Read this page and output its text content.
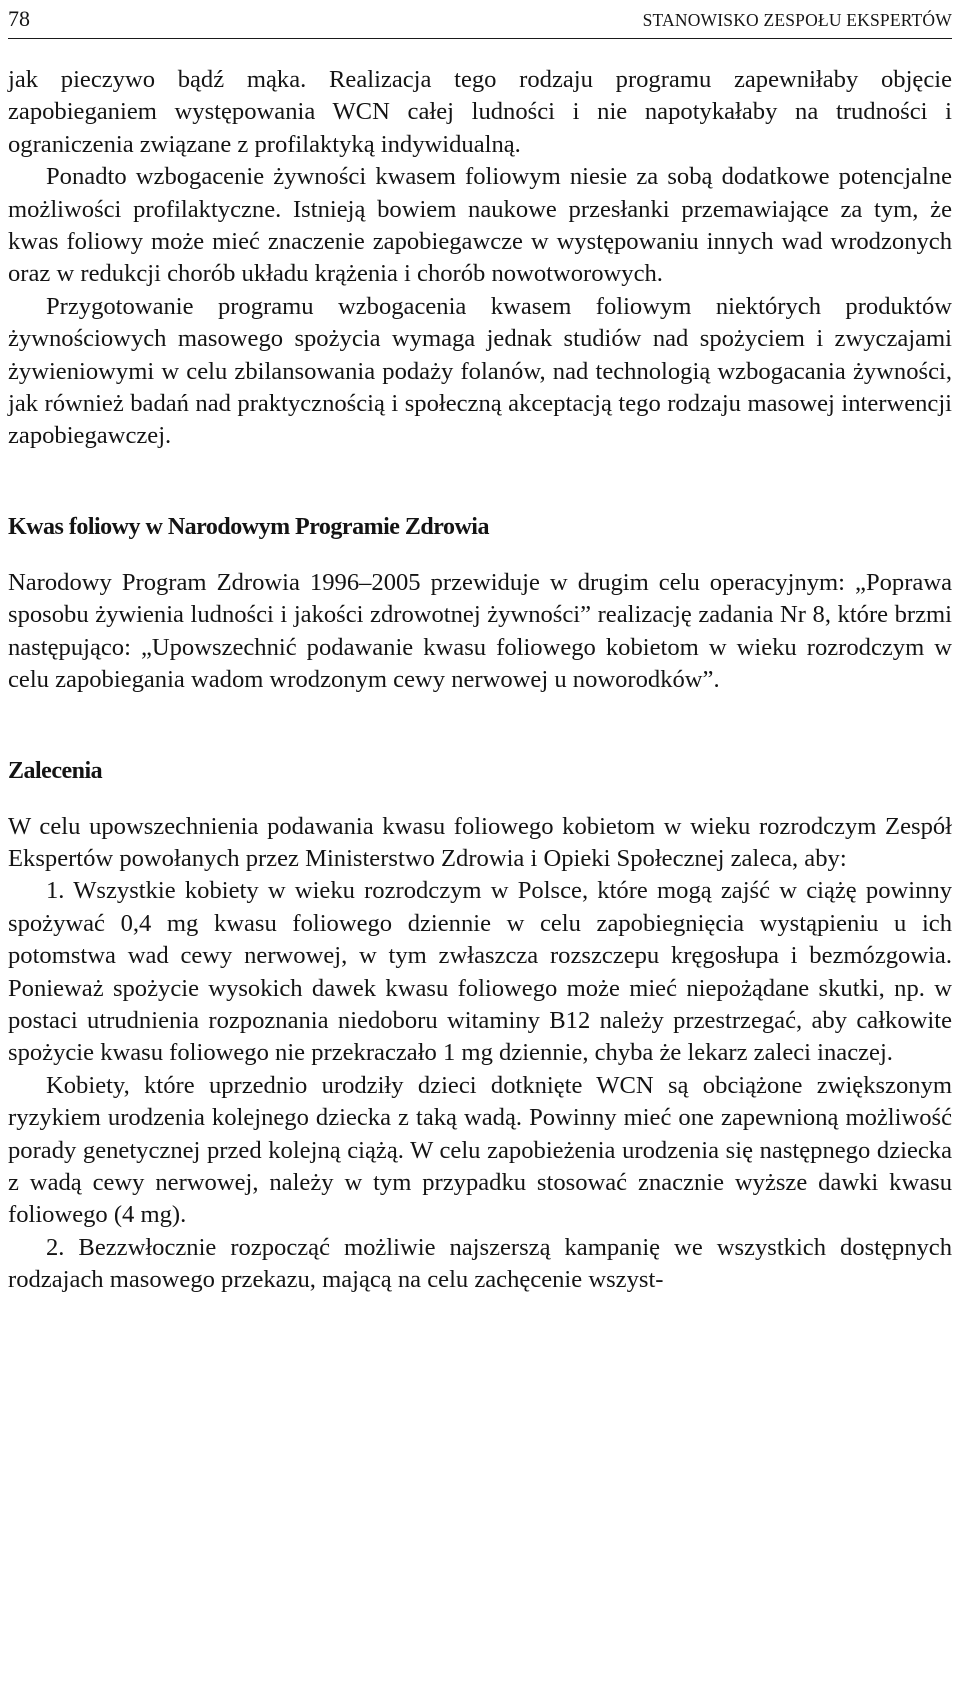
78	STANOWISKO ZESPOŁU EKSPERTÓW

jak pieczywo bądź mąka. Realizacja tego rodzaju programu zapewniłaby objęcie zapobieganiem występowania WCN całej ludności i nie napotykałaby na trudności i ograniczenia związane z profilaktyką indywidualną.

Ponadto wzbogacenie żywności kwasem foliowym niesie za sobą dodatkowe potencjalne możliwości profilaktyczne. Istnieją bowiem naukowe przesłanki przemawiające za tym, że kwas foliowy może mieć znaczenie zapobiegawcze w występowaniu innych wad wrodzonych oraz w redukcji chorób układu krążenia i chorób nowotworowych.

Przygotowanie programu wzbogacenia kwasem foliowym niektórych produktów żywnościowych masowego spożycia wymaga jednak studiów nad spożyciem i zwyczajami żywieniowymi w celu zbilansowania podaży folanów, nad technologią wzbogacania żywności, jak również badań nad praktycznością i społeczną akceptacją tego rodzaju masowej interwencji zapobiegawczej.

Kwas foliowy w Narodowym Programie Zdrowia

Narodowy Program Zdrowia 1996–2005 przewiduje w drugim celu operacyjnym: „Poprawa sposobu żywienia ludności i jakości zdrowotnej żywności” realizację zadania Nr 8, które brzmi następująco: „Upowszechnić podawanie kwasu foliowego kobietom w wieku rozrodczym w celu zapobiegania wadom wrodzonym cewy nerwowej u noworodków”.

Zalecenia

W celu upowszechnienia podawania kwasu foliowego kobietom w wieku rozrodczym Zespół Ekspertów powołanych przez Ministerstwo Zdrowia i Opieki Społecznej zaleca, aby:

1. Wszystkie kobiety w wieku rozrodczym w Polsce, które mogą zajść w ciążę powinny spożywać 0,4 mg kwasu foliowego dziennie w celu zapobiegnięcia wystąpieniu u ich potomstwa wad cewy nerwowej, w tym zwłaszcza rozszczepu kręgosłupa i bezmózgowia. Ponieważ spożycie wysokich dawek kwasu foliowego może mieć niepożądane skutki, np. w postaci utrudnienia rozpoznania niedoboru witaminy B12 należy przestrzegać, aby całkowite spożycie kwasu foliowego nie przekraczało 1 mg dziennie, chyba że lekarz zaleci inaczej.

Kobiety, które uprzednio urodziły dzieci dotknięte WCN są obciążone zwiększonym ryzykiem urodzenia kolejnego dziecka z taką wadą. Powinny mieć one zapewnioną możliwość porady genetycznej przed kolejną ciążą. W celu zapobieżenia urodzenia się następnego dziecka z wadą cewy nerwowej, należy w tym przypadku stosować znacznie wyższe dawki kwasu foliowego (4 mg).

2. Bezzwłocznie rozpocząć możliwie najszerszą kampanię we wszystkich dostępnych rodzajach masowego przekazu, mającą na celu zachęcenie wszyst-
